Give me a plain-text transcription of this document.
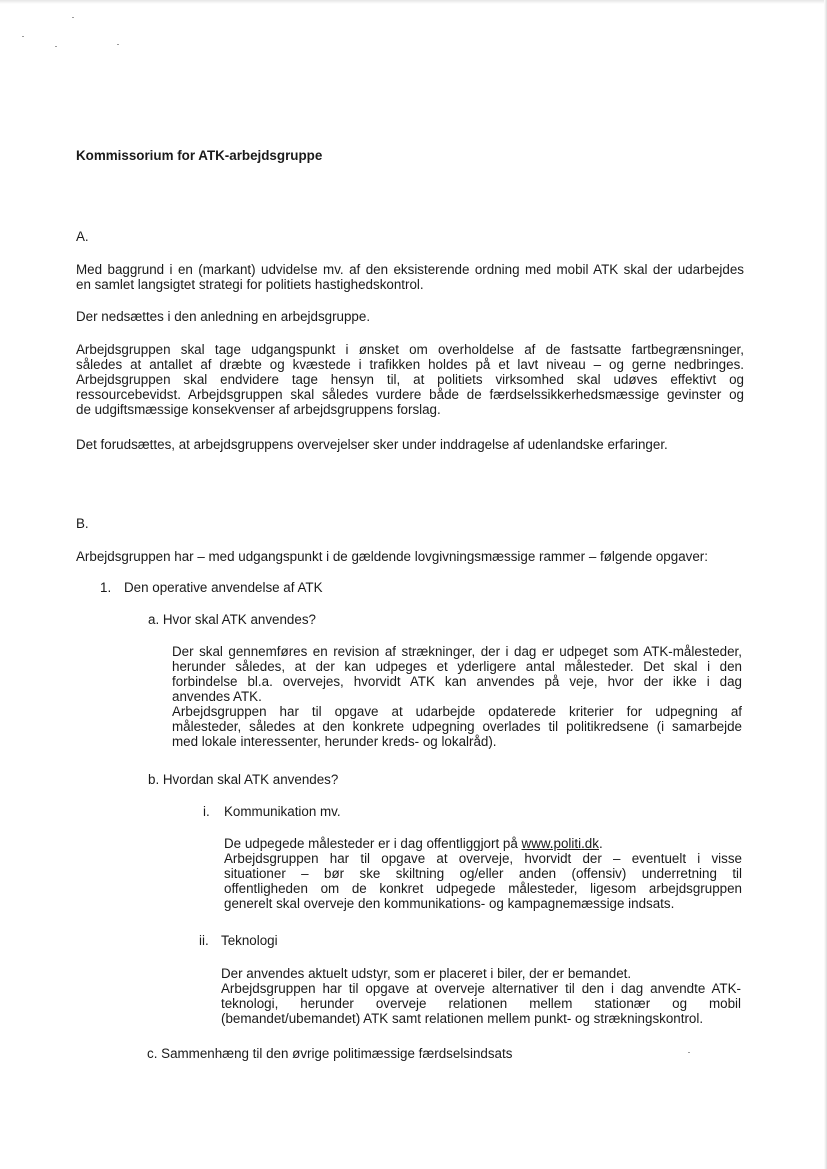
Kommissorium for ATK-arbejdsgruppe
A.
Med baggrund i en (markant) udvidelse mv. af den eksisterende ordning med mobil ATK skal der udarbejdes
en samlet langsigtet strategi for politiets hastighedskontrol.
Der nedsættes i den anledning en arbejdsgruppe.
Arbejdsgruppen skal tage udgangspunkt i ønsket om overholdelse af de fastsatte fartbegrænsninger,
således at antallet af dræbte og kvæstede i trafikken holdes på et lavt niveau – og gerne nedbringes.
Arbejdsgruppen skal endvidere tage hensyn til, at politiets virksomhed skal udøves effektivt og
ressourcebevidst. Arbejdsgruppen skal således vurdere både de færdselssikkerhedsmæssige gevinster og
de udgiftsmæssige konsekvenser af arbejdsgruppens forslag.
Det forudsættes, at arbejdsgruppens overvejelser sker under inddragelse af udenlandske erfaringer.
B.
Arbejdsgruppen har – med udgangspunkt i de gældende lovgivningsmæssige rammer – følgende opgaver:
1. Den operative anvendelse af ATK
a. Hvor skal ATK anvendes?
Der skal gennemføres en revision af strækninger, der i dag er udpeget som ATK-målesteder,
herunder således, at der kan udpeges et yderligere antal målesteder. Det skal i den
forbindelse bl.a. overvejes, hvorvidt ATK kan anvendes på veje, hvor der ikke i dag
anvendes ATK.
Arbejdsgruppen har til opgave at udarbejde opdaterede kriterier for udpegning af
målesteder, således at den konkrete udpegning overlades til politikredsene (i samarbejde
med lokale interessenter, herunder kreds- og lokalråd).
b. Hvordan skal ATK anvendes?
i. Kommunikation mv.
De udpegede målesteder er i dag offentliggjort på www.politi.dk.
Arbejdsgruppen har til opgave at overveje, hvorvidt der – eventuelt i visse
situationer – bør ske skiltning og/eller anden (offensiv) underretning til
offentligheden om de konkret udpegede målesteder, ligesom arbejdsgruppen
generelt skal overveje den kommunikations- og kampagnemæssige indsats.
ii. Teknologi
Der anvendes aktuelt udstyr, som er placeret i biler, der er bemandet.
Arbejdsgruppen har til opgave at overveje alternativer til den i dag anvendte ATK-
teknologi, herunder overveje relationen mellem stationær og mobil
(bemandet/ubemandet) ATK samt relationen mellem punkt- og strækningskontrol.
c. Sammenhæng til den øvrige politimæssige færdselsindsats
